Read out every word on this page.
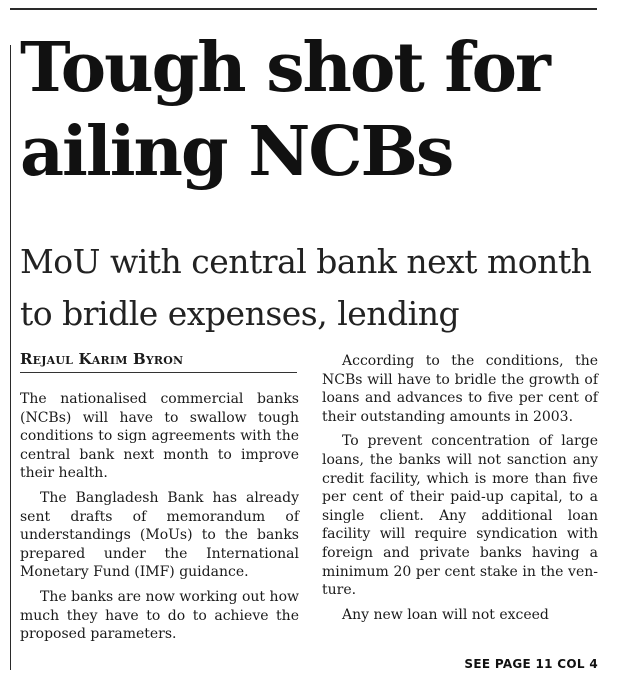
Tough shot for
ailing NCBs
MoU with central bank next month
to bridle expenses, lending

Rejaul Karim Byron

The nationalised commercial banks (NCBs) will have to swallow tough conditions to sign agreements with the central bank next month to improve their health.

The Bangladesh Bank has already sent drafts of memorandum of understandings (MoUs) to the banks prepared under the International Monetary Fund (IMF) guidance.

The banks are now working out how much they have to do to achieve the proposed parameters.

According to the conditions, the NCBs will have to bridle the growth of loans and advances to five per cent of their outstanding amounts in 2003.

To prevent concentration of large loans, the banks will not sanction any credit facility, which is more than five per cent of their paid-up capital, to a single client. Any additional loan facility will require syndication with foreign and private banks having a minimum 20 per cent stake in the venture.

Any new loan will not exceed

SEE PAGE 11 COL 4
